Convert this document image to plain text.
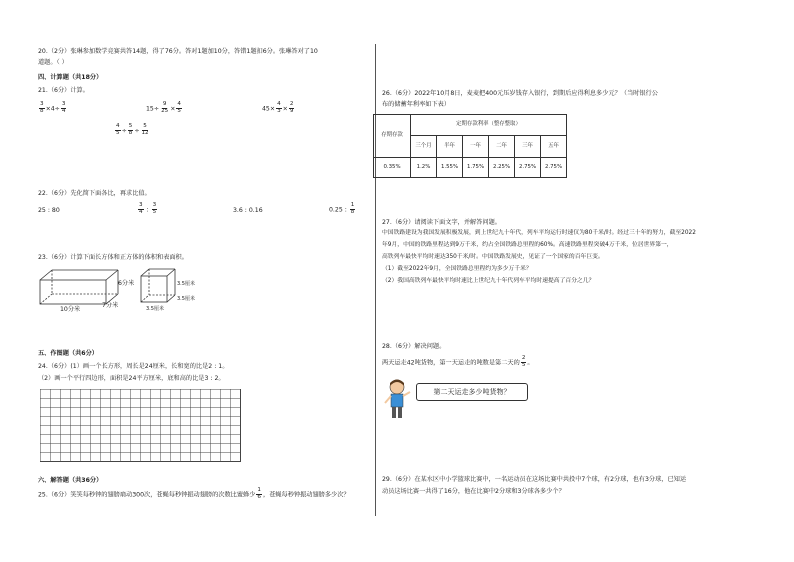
20.（2分）张琳参加数学竞赛共答14题，得了76分。答对1题加10分，答错1题扣6分。张琳答对了10
道题。（ ）
四、计算题（共18分）
21.（6分）计算。
$\frac{3}{8} \times 4\div \frac{3}{4}$	$15\div \frac{9}{25} \times \frac{4}{5}$	$45\times \frac{4}{3} \times \frac{2}{9}$
$\frac{4}{5} \div \frac{5}{8} \div \frac{5}{12}$
22.（6分）先化简下面各比，再求比值。
25 : 80	$\frac{3}{4}$ : $\frac{3}{5}$	3.6 : 0.16	0.25 : $\frac{1}{8}$
23.（6分）计算下面长方体和正方体的体积和表面积。
6分米
7分米
10分米
3.5厘米
3.5厘米
3.5厘米
五、作图题（共6分）
24.（6分）(1）画一个长方形，周长是24厘米，长和宽的比是2 : 1。
（2）画一个平行四边形，面积是24平方厘米，底和高的比是3 : 2。
六、解答题（共36分）
25.（6分）笑笑每秒钟的翅膀扇动300次，苍蝇每秒钟振动翅膀的次数比蜜蜂少 $\frac{1}{6}$ ，苍蝇每秒钟振动翅膀多少次？
26.（6分）2022年10月8日，麦麦把400元压岁钱存入银行，到期后应得利息多少元？（当时银行公
布的储蓄年利率如下表）
存期存款	定期存款利率（整存整取）					
	三个月	半年	一年	二年	三年	五年
0.35%	1.2%	1.55%	1.75%	2.25%	2.75%	2.75%
27.（6分）请阅读下面文字，并解答问题。
中国铁路建设为我国发展积极发展，到上世纪九十年代，列车平均运行时速仅为80千米/时。经过三十年的努力，截至2022
年9月，中国的铁路里程达到9万千米，约占全国铁路总里程的60%。高速铁路里程突破4万千米，位居世界第一，
高铁列车最快平均时速达350千米/时。中国铁路发展史，见证了一个国家的百年巨变。
（1）截至2022年9月，全国铁路总里程约为多少万千米？
（2）我国高铁列车最快平均时速比上世纪九十年代列车平均时速提高了百分之几？
28.（6分）解决问题。
两天运走42吨货物，第一天运走的吨数是第二天的 $\frac{2}{5}$ 。
第二天运走多少吨货物？
29.（6分）在某水区中小学篮球比赛中，一名运动员在这场比赛中共投中7个球，有2分球，也有3分球，已知运
动员这场比赛一共得了16分，他在比赛中2分球和3分球各多少个？
